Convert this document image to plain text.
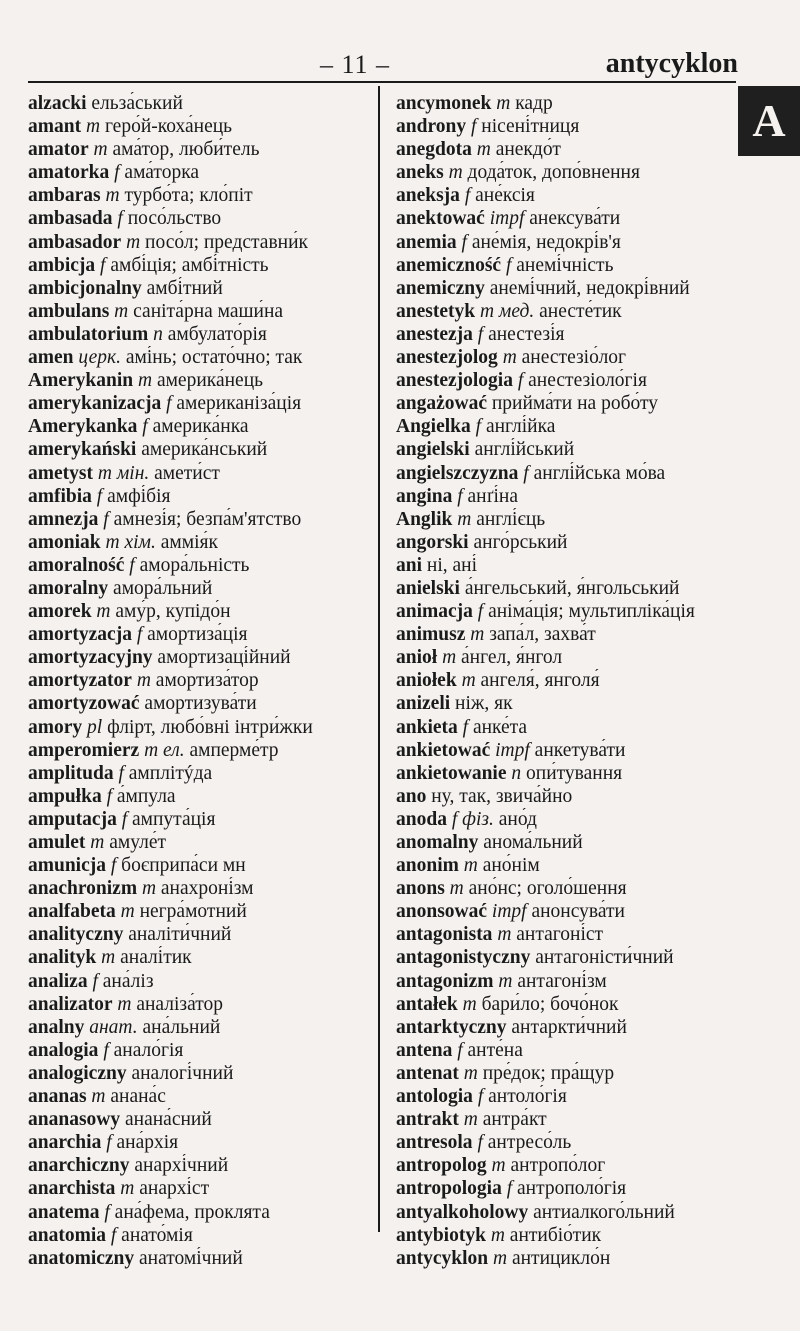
– 11 –	antycyklon
A
alzacki ельза́ський
amant m геро́й-коха́нець
amator m ама́тор, люби́тель
amatorka f ама́торка
ambaras m турбо́та; кло́піт
ambasada f посо́льство
ambasador m посо́л; представни́к
ambicja f амбі́ція; амбі́тність
ambicjonalny амбі́тний
ambulans m саніта́рна маши́на
ambulatorium n амбулато́рія
amen церк. амі́нь; остато́чно; так
Amerykanin m америка́нець
amerykanizacja f американіза́ція
Amerykanka f америка́нка
amerykański америка́нський
ametyst m мін. амети́ст
amfibia f амфі́бія
amnezja f амнезі́я; безпа́м'ятство
amoniak m хім. аммія́к
amoralność f амора́льність
amoralny амора́льний
amorek m аму́р, купідо́н
amortyzacja f амортиза́ція
amortyzacyjny амортизаці́йний
amortyzator m амортиза́тор
amortyzować амортизува́ти
amory pl флірт, любо́вні інтри́жки
amperomierz m ел. амперме́тр
amplituda f амплітýда
ampułka f а́мпула
amputacja f ампута́ція
amulet m амуле́т
amunicja f боєприпа́си мн
anachronizm m анахроні́зм
analfabeta m негра́мотний
analityczny аналіти́чний
analityk m аналі́тик
analiza f ана́ліз
analizator m аналіза́тор
analny анат. ана́льний
analogia f анало́гія
analogiczny аналогі́чний
ananas m анана́с
ananasowy анана́сний
anarchia f ана́рхія
anarchiczny анархі́чний
anarchista m анархі́ст
anatema f ана́фема, проклята
anatomia f анато́мія
anatomiczny анатомі́чний
ancymonek m кадр
androny f нісені́тниця
anegdota m анекдо́т
aneks m дода́ток, допо́внення
aneksja f ане́ксія
anektować impf анексува́ти
anemia f ане́мія, недокрі́в'я
anemiczność f анемі́чність
anemiczny анемі́чний, недокрі́вний
anestetyk m мед. анесте́тик
anestezja f анестезі́я
anestezjolog m анестезіо́лог
anestezjologia f анестезіоло́гія
angażować прийма́ти на робо́ту
Angielka f англі́йка
angielski англі́йський
angielszczyzna f англі́йська мо́ва
angina f анґі́на
Anglik m англі́єць
angorski анго́рський
ani ні, ані́
anielski а́нгельський, я́нгольський
animacja f аніма́ція; мультиплiка́ція
animusz m запа́л, захва́т
anioł m а́нгел, я́нгол
aniołek m ангеля́, янголя́
anizeli ніж, як
ankieta f анке́та
ankietować impf анкетува́ти
ankietowanie n опи́тування
ano ну, так, звича́йно
anoda f фіз. ано́д
anomalny анома́льний
anonim m ано́нім
anons m ано́нс; оголо́шення
anonsować impf анонсува́ти
antagonista m антагоні́ст
antagonistyczny антагоністи́чний
antagonizm m антагоні́зм
antałek m бари́ло; бочо́нок
antarktyczny антаркти́чний
antena f анте́на
antenat m пре́док; пра́щур
antologia f антоло́гія
antrakt m антра́кт
antresola f антресо́ль
antropolog m антропо́лог
antropologia f антрополо́гія
antyalkoholowy антиалкого́льний
antybiotyk m антибіо́тик
antycyklon m антицикло́н
